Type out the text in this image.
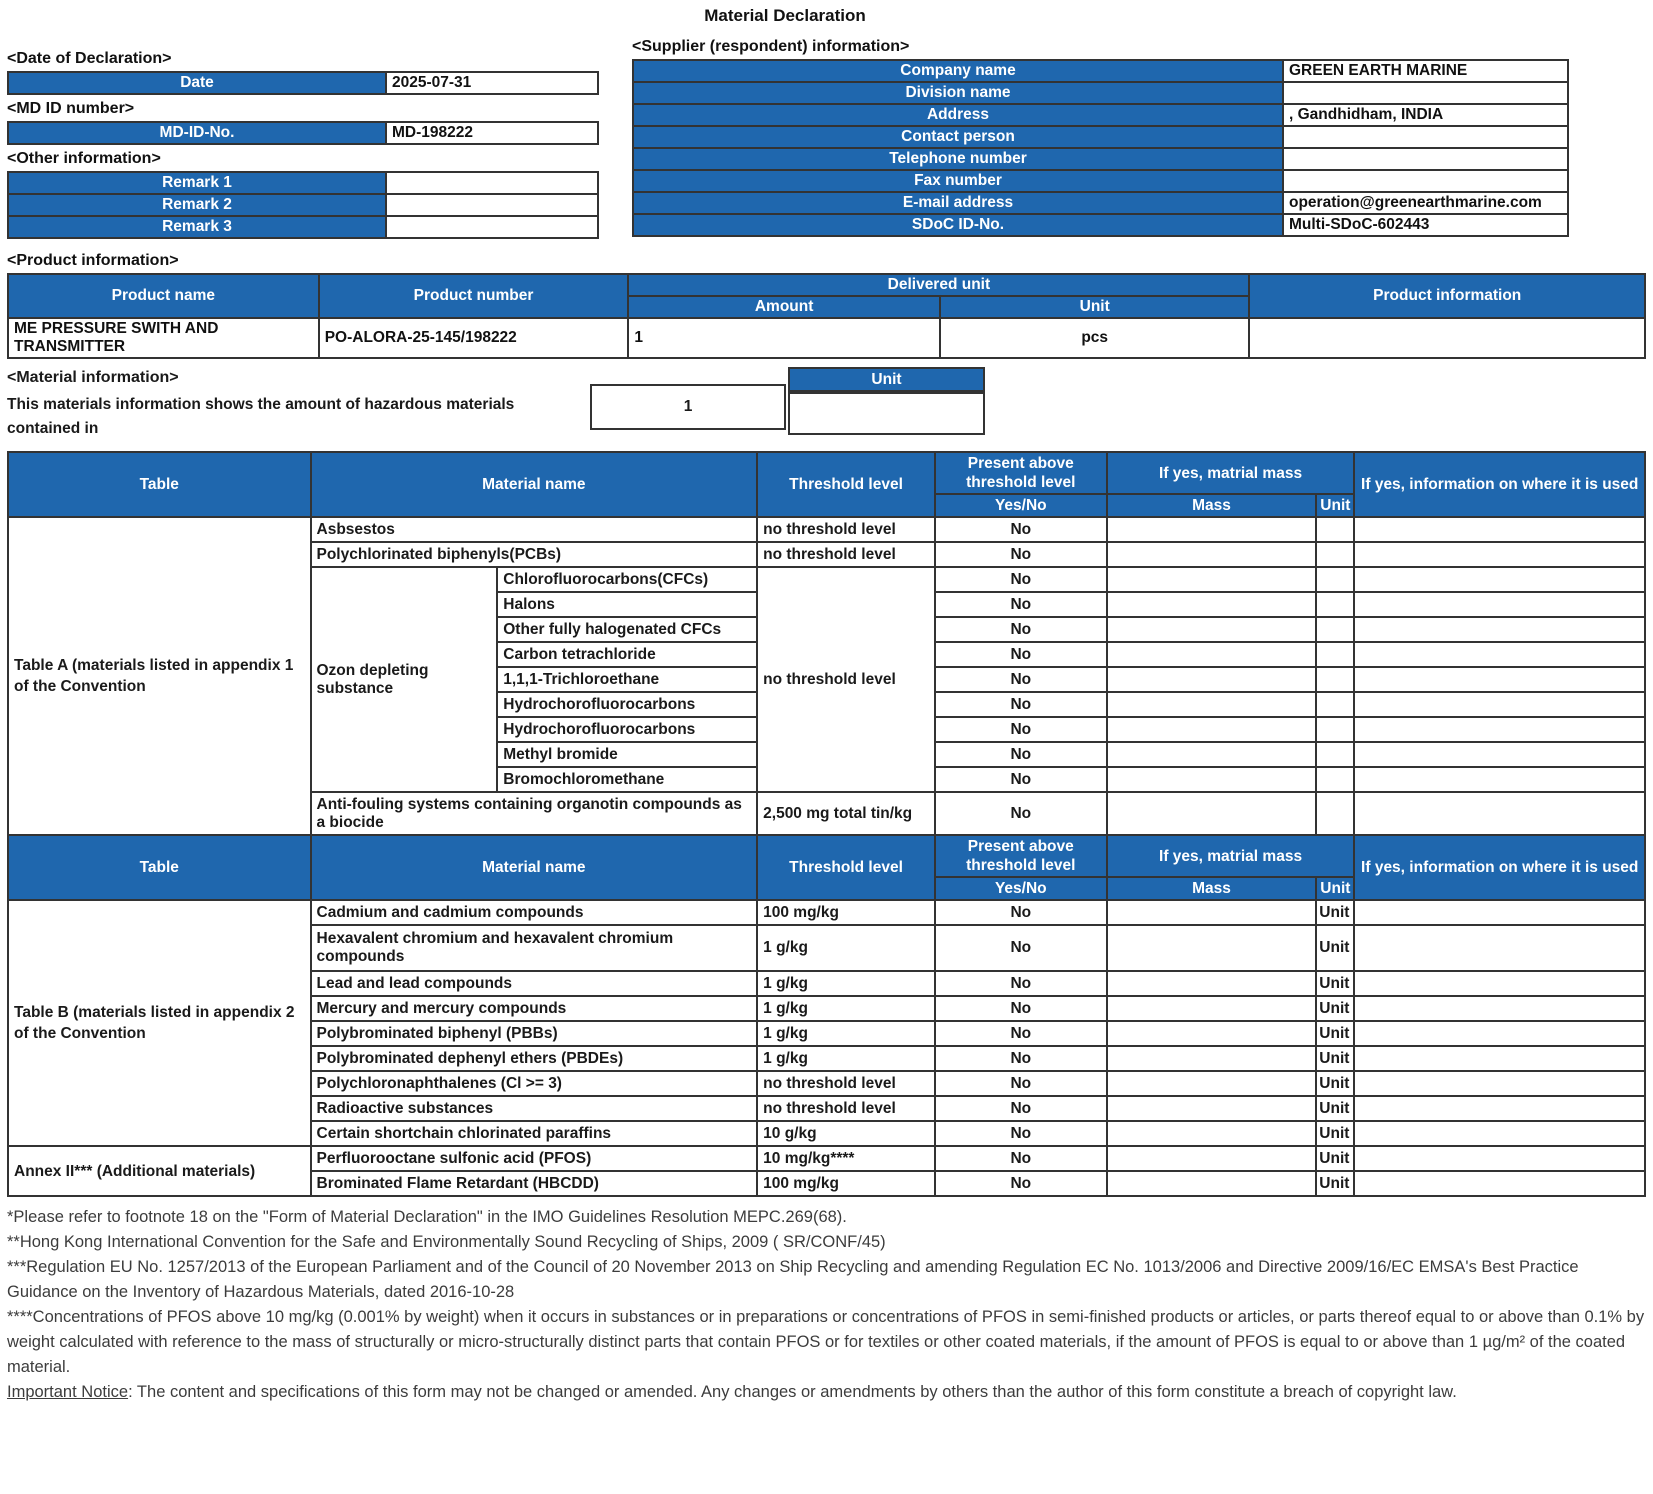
Material Declaration
<Date of Declaration>
Date	2025-07-31
<MD ID number>
MD-ID-No.	MD-198222
<Other information>
Remark 1	
Remark 2	
Remark 3	
<Supplier (respondent) information>
Company name	GREEN EARTH MARINE
Division name	
Address	, Gandhidham, INDIA
Contact person	
Telephone number	
Fax number	
E-mail address	operation@greenearthmarine.com
SDoC ID-No.	Multi-SDoC-602443
<Product information>
Product name	Product number	Delivered unit		Product information
		Amount	Unit	
ME PRESSURE SWITH AND TRANSMITTER	PO-ALORA-25-145/198222	1	pcs	
<Material information>
This materials information shows the amount of hazardous materials contained in
1
Unit
Table	Material name		Threshold level	Present above threshold level	If yes, matrial mass		If yes, information on where it is used
				Yes/No	Mass	Unit	
Table A (materials listed in appendix 1 of the Convention	Asbsestos		no threshold level	No			
	Polychlorinated biphenyls(PCBs)		no threshold level	No			
	Ozon depleting substance	Chlorofluorocarbons(CFCs)	no threshold level	No			
		Halons		No			
		Other fully halogenated CFCs		No			
		Carbon tetrachloride		No			
		1,1,1-Trichloroethane		No			
		Hydrochorofluorocarbons		No			
		Hydrochorofluorocarbons		No			
		Methyl bromide		No			
		Bromochloromethane		No			
	Anti-fouling systems containing organotin compounds as a biocide		2,500 mg total tin/kg	No			
Table	Material name		Threshold level	Present above threshold level	If yes, matrial mass		If yes, information on where it is used
				Yes/No	Mass	Unit	
Table B (materials listed in appendix 2 of the Convention	Cadmium and cadmium compounds		100 mg/kg	No		Unit	
	Hexavalent chromium and hexavalent chromium compounds		1 g/kg	No		Unit	
	Lead and lead compounds		1 g/kg	No		Unit	
	Mercury and mercury compounds		1 g/kg	No		Unit	
	Polybrominated biphenyl (PBBs)		1 g/kg	No		Unit	
	Polybrominated dephenyl ethers (PBDEs)		1 g/kg	No		Unit	
	Polychloronaphthalenes (Cl >= 3)		no threshold level	No		Unit	
	Radioactive substances		no threshold level	No		Unit	
	Certain shortchain chlorinated paraffins		10 g/kg	No		Unit	
Annex II*** (Additional materials)	Perfluorooctane sulfonic acid (PFOS)		10 mg/kg****	No		Unit	
	Brominated Flame Retardant (HBCDD)		100 mg/kg	No		Unit	

*Please refer to footnote 18 on the "Form of Material Declaration" in the IMO Guidelines Resolution MEPC.269(68).

**Hong Kong International Convention for the Safe and Environmentally Sound Recycling of Ships, 2009 ( SR/CONF/45)

***Regulation EU No. 1257/2013 of the European Parliament and of the Council of 20 November 2013 on Ship Recycling and amending Regulation EC No. 1013/2006 and Directive 2009/16/EC EMSA's Best Practice Guidance on the Inventory of Hazardous Materials, dated 2016-10-28

****Concentrations of PFOS above 10 mg/kg (0.001% by weight) when it occurs in substances or in preparations or concentrations of PFOS in semi-finished products or articles, or parts thereof equal to or above than 0.1% by weight calculated with reference to the mass of structurally or micro-structurally distinct parts that contain PFOS or for textiles or other coated materials, if the amount of PFOS is equal to or above than 1 µg/m² of the coated material.

Important Notice: The content and specifications of this form may not be changed or amended. Any changes or amendments by others than the author of this form constitute a breach of copyright law.
